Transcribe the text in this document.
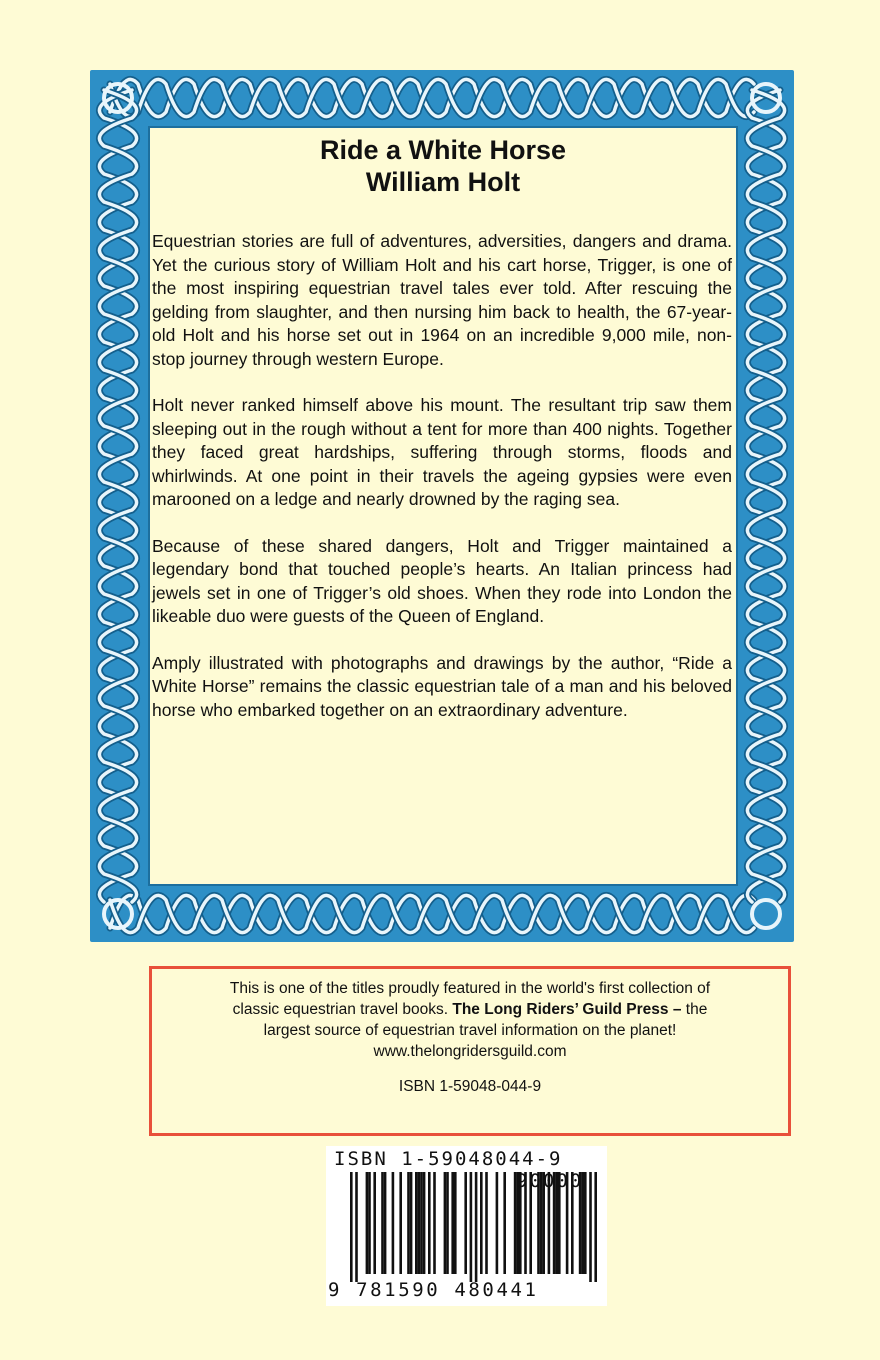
Ride a White Horse
William Holt

Equestrian stories are full of adventures, adversities, dangers and drama. Yet the curious story of William Holt and his cart horse, Trigger, is one of the most inspiring equestrian travel tales ever told. After rescuing the gelding from slaughter, and then nursing him back to health, the 67-year-old Holt and his horse set out in 1964 on an incredible 9,000 mile, non-stop journey through western Europe.

Holt never ranked himself above his mount. The resultant trip saw them sleeping out in the rough without a tent for more than 400 nights. Together they faced great hardships, suffering through storms, floods and whirlwinds. At one point in their travels the ageing gypsies were even marooned on a ledge and nearly drowned by the raging sea.

Because of these shared dangers, Holt and Trigger maintained a legendary bond that touched people’s hearts. An Italian princess had jewels set in one of Trigger’s old shoes. When they rode into London the likeable duo were guests of the Queen of England.

Amply illustrated with photographs and drawings by the author, “Ride a White Horse” remains the classic equestrian tale of a man and his beloved horse who embarked together on an extraordinary adventure.

This is one of the titles proudly featured in the world's first collection of
classic equestrian travel books. The Long Riders’ Guild Press – the
largest source of equestrian travel information on the planet!
www.thelongridersguild.com
ISBN 1-59048-044-9
ISBN 1-59048044-9
90000
9 781590 480441
